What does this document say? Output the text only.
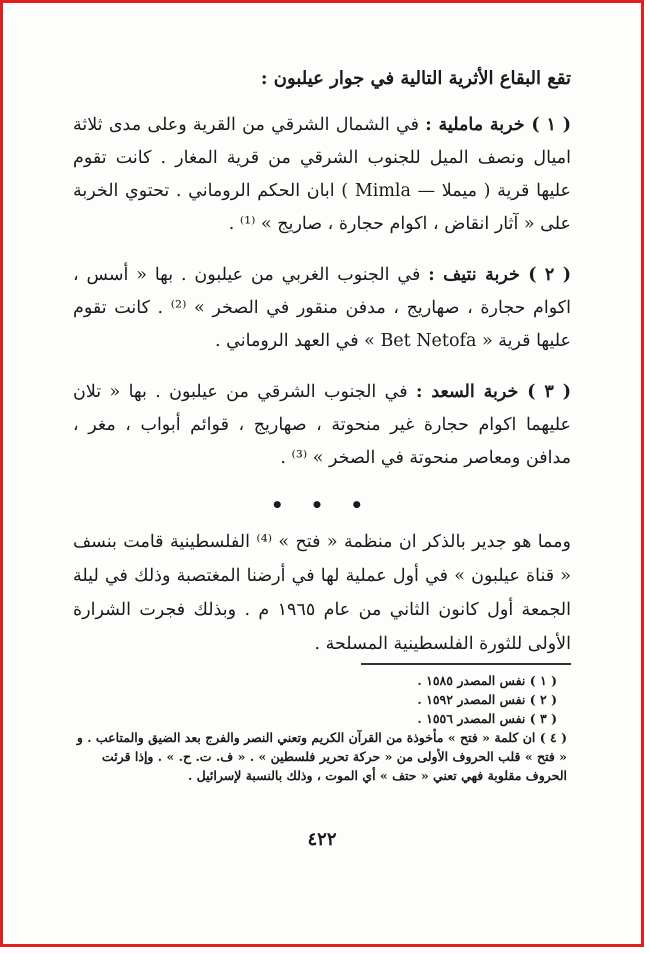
تقع البقاع الأثرية التالية في جوار عيلبون :

( ١ ) خربة ماملية : في الشمال الشرقي من القرية وعلى مدى ثلاثة اميال ونصف الميل للجنوب الشرقي من قرية المغار . كانت تقوم عليها قرية ( ميملا — Mimla ) ابان الحكم الروماني . تحتوي الخربة على « آثار انقاض ، اكوام حجارة ، صاريج » ⁽¹⁾ .

( ٢ ) خربة نتيف : في الجنوب الغربي من عيلبون . بها « أسس ، اكوام حجارة ، صهاريج ، مدفن منقور في الصخر » ⁽²⁾ . كانت تقوم عليها قرية « Bet Netofa » في العهد الروماني .

( ٣ ) خربة السعد : في الجنوب الشرقي من عيلبون . بها « تلان عليهما اكوام حجارة غير منحوتة ، صهاريج ، قوائم أبواب ، مغر ، مدافن ومعاصر منحوتة في الصخر » ⁽³⁾ .

• • •

ومما هو جدير بالذكر ان منظمة « فتح » ⁽⁴⁾ الفلسطينية قامت بنسف « قناة عيلبون » في أول عملية لها في أرضنا المغتصبة وذلك في ليلة الجمعة أول كانون الثاني من عام ١٩٦٥ م . وبذلك فجرت الشرارة الأولى للثورة الفلسطينية المسلحة .

( ١ ) نفس المصدر ١٥٨٥ .
( ٢ ) نفس المصدر ١٥٩٢ .
( ٣ ) نفس المصدر ١٥٥٦ .
( ٤ ) ان كلمة « فتح » مأخوذة من القرآن الكريم وتعني النصر والفرج بعد الضيق والمتاعب . و « فتح » قلب الحروف الأولى من « حركة تحرير فلسطين » . « ف. ت. ح. » . وإذا قرئت الحروف مقلوبة فهي تعني « حتف » أي الموت ، وذلك بالنسبة لإسرائيل .
٤٢٢
